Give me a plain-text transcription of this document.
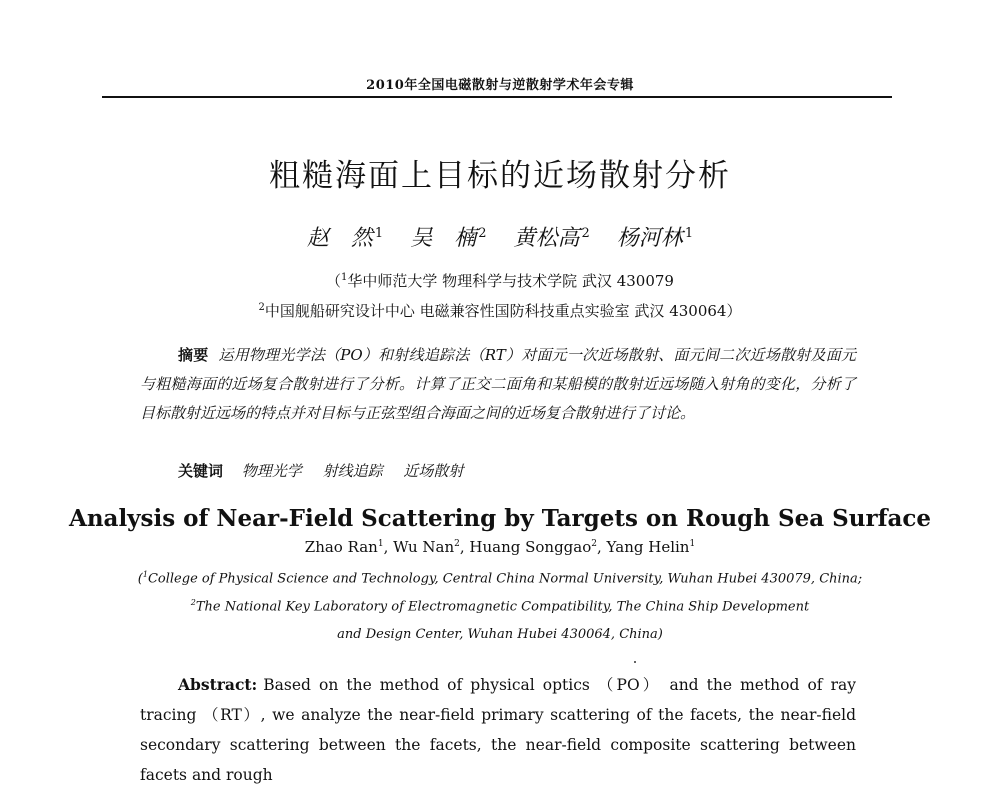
2010年全国电磁散射与逆散射学术年会专辑
粗糙海面上目标的近场散射分析
赵　然 $^1$ 吴　楠 $^2$ 黄松高 $^2$ 杨河林 $^1$
（$^1$华中师范大学 物理科学与技术学院 武汉 430079
$^2$中国舰船研究设计中心 电磁兼容性国防科技重点实验室 武汉 430064）
摘要 运用物理光学法（PO）和射线追踪法（RT）对面元一次近场散射、面元间二次近场散射及面元与粗糙海面的近场复合散射进行了分析。计算了正交二面角和某船模的散射近远场随入射角的变化，分析了目标散射近远场的特点并对目标与正弦型组合海面之间的近场复合散射进行了讨论。
关键词 物理光学 射线追踪 近场散射
Analysis of Near-Field Scattering by Targets on Rough Sea Surface
Zhao Ran$^1$, Wu Nan$^2$, Huang Songgao$^2$, Yang Helin$^1$
($^1$College of Physical Science and Technology, Central China Normal University, Wuhan Hubei 430079, China;
$^2$The National Key Laboratory of Electromagnetic Compatibility, The China Ship Development
and Design Center, Wuhan Hubei 430064, China)
Abstract: Based on the method of physical optics （PO） and the method of ray tracing （RT）, we analyze the near-field primary scattering of the facets, the near-field secondary scattering between the facets, the near-field composite scattering between facets and rough
